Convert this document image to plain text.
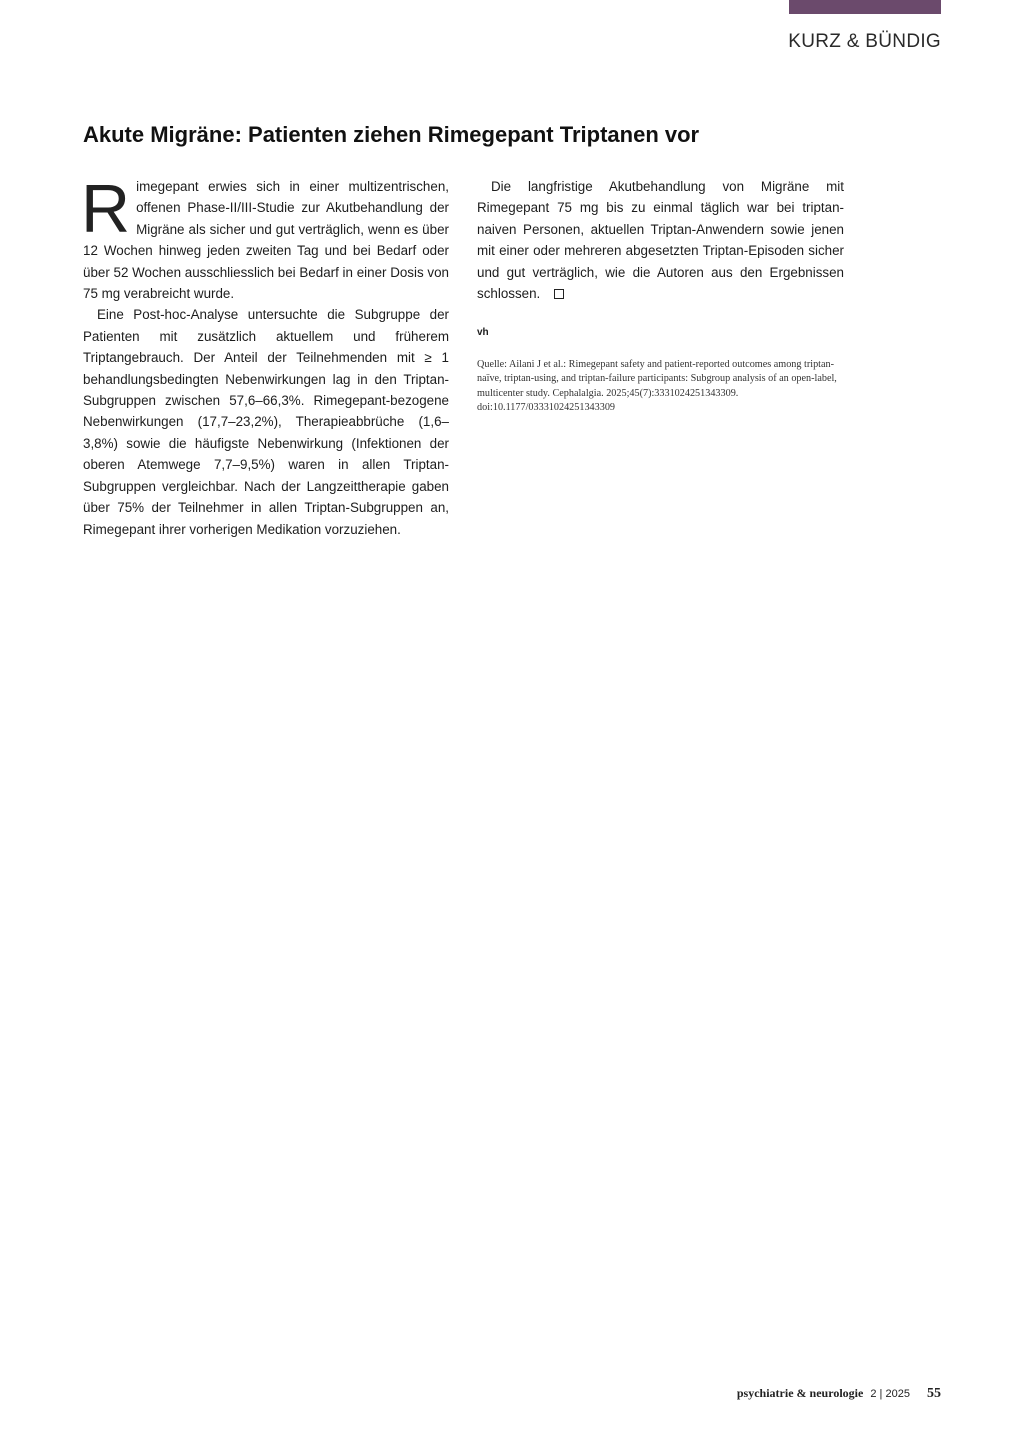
KURZ & BÜNDIG
Akute Migräne: Patienten ziehen Rimegepant Triptanen vor

Rimegepant erwies sich in einer multizentrischen, offenen Phase-II/III-Studie zur Akutbehandlung der Migräne als sicher und gut verträglich, wenn es über 12 Wochen hinweg jeden zweiten Tag und bei Bedarf oder über 52 Wochen ausschliesslich bei Bedarf in einer Dosis von 75 mg verabreicht wurde.

Eine Post-hoc-Analyse untersuchte die Subgruppe der Patienten mit zusätzlich aktuellem und früherem Triptangebrauch. Der Anteil der Teilnehmenden mit ≥ 1 behandlungsbedingten Nebenwirkungen lag in den Triptan-Subgruppen zwischen 57,6–66,3%. Rimegepant-bezogene Nebenwirkungen (17,7–23,2%), Therapieabbrüche (1,6–3,8%) sowie die häufigste Nebenwirkung (Infektionen der oberen Atemwege 7,7–9,5%) waren in allen Triptan-Subgruppen vergleichbar. Nach der Langzeittherapie gaben über 75% der Teilnehmer in allen Triptan-Subgruppen an, Rimegepant ihrer vorherigen Medikation vorzuziehen.

Die langfristige Akutbehandlung von Migräne mit Rimegepant 75 mg bis zu einmal täglich war bei triptan-naiven Personen, aktuellen Triptan-Anwendern sowie jenen mit einer oder mehreren abgesetzten Triptan-Episoden sicher und gut verträglich, wie die Autoren aus den Ergebnissen schlossen.

vh

Quelle: Ailani J et al.: Rimegepant safety and patient-reported outcomes among triptan-naïve, triptan-using, and triptan-failure participants: Subgroup analysis of an open-label, multicenter study. Cephalalgia. 2025;45(7):3331024251343309. doi:10.1177/03331024251343309

psychiatrie & neurologie 2 | 2025 55
